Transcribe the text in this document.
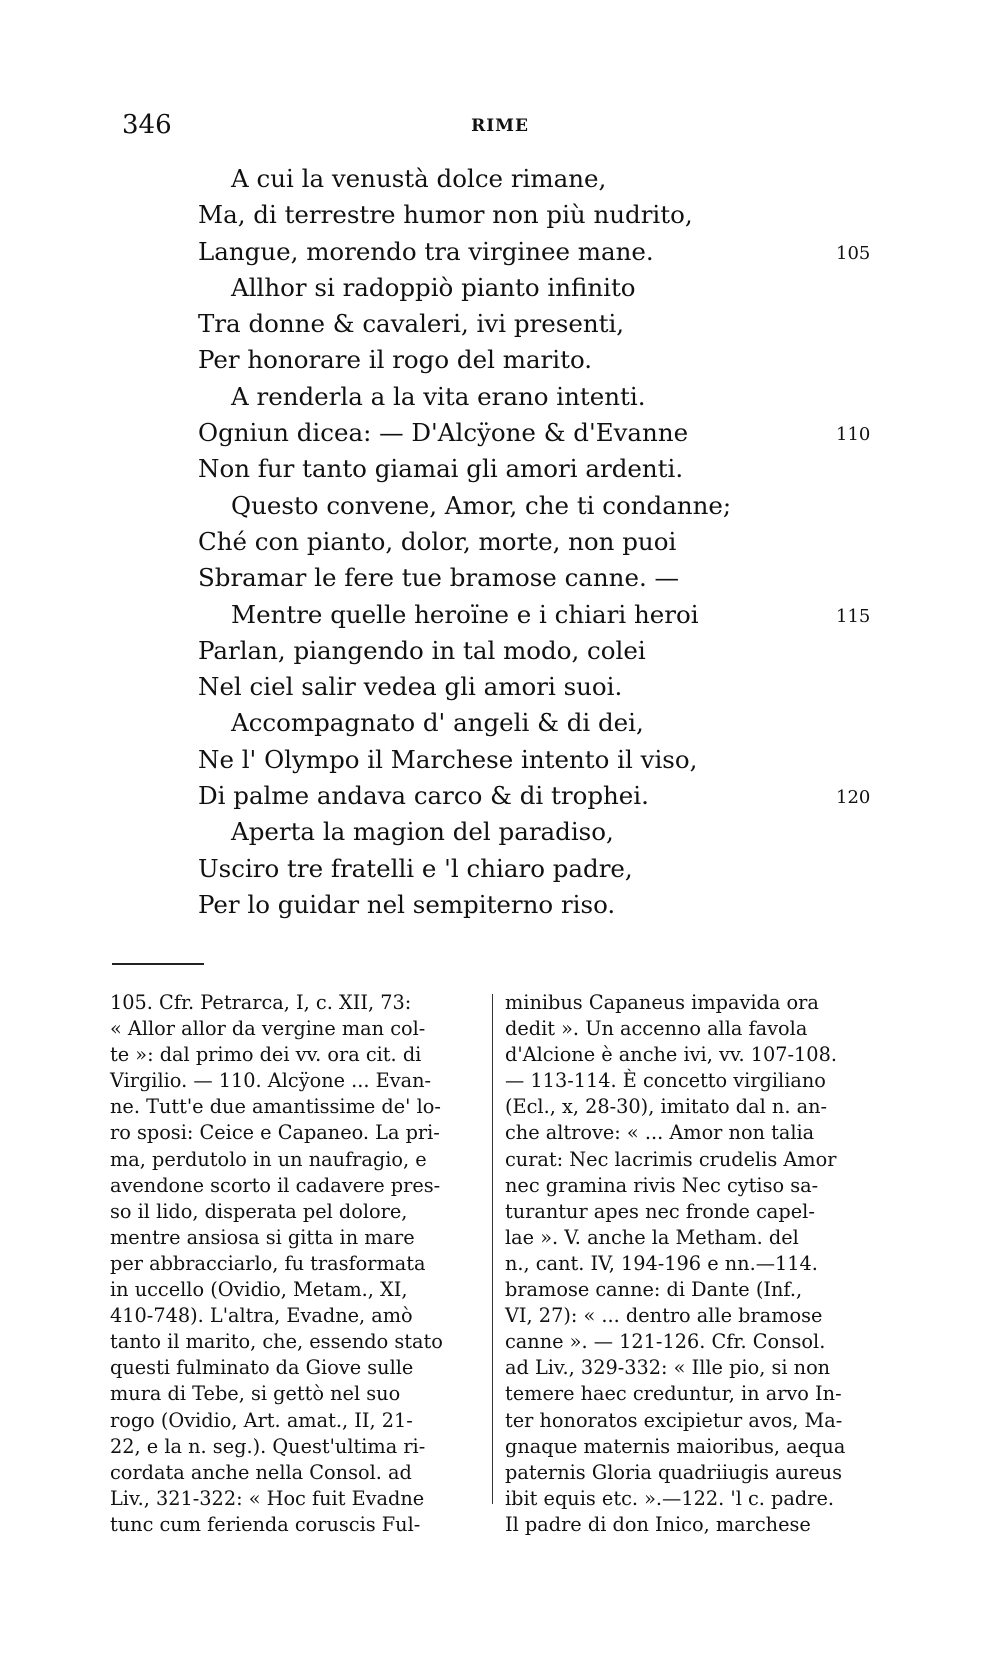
346	RIME
A cui la venustà dolce rimane,
Ma, di terrestre humor non più nudrito,
Langue, morendo tra virginee mane.	105
Allhor si radoppiò pianto infinito
Tra donne & cavaleri, ivi presenti,
Per honorare il rogo del marito.
A renderla a la vita erano intenti.
Ogniun dicea: — D'Alcÿone & d'Evanne	110
Non fur tanto giamai gli amori ardenti.
Questo convene, Amor, che ti condanne;
Ché con pianto, dolor, morte, non puoi
Sbramar le fere tue bramose canne. —
Mentre quelle heroïne e i chiari heroi	115
Parlan, piangendo in tal modo, colei
Nel ciel salir vedea gli amori suoi.
Accompagnato d' angeli & di dei,
Ne l' Olympo il Marchese intento il viso,
Di palme andava carco & di trophei.	120
Aperta la magion del paradiso,
Usciro tre fratelli e 'l chiaro padre,
Per lo guidar nel sempiterno riso.
105. Cfr. Petrarca, I, c. XII, 73:
« Allor allor da vergine man col-
te »: dal primo dei vv. ora cit. di
Virgilio. — 110. Alcÿone ... Evan-
ne. Tutt'e due amantissime de' lo-
ro sposi: Ceice e Capaneo. La pri-
ma, perdutolo in un naufragio, e
avendone scorto il cadavere pres-
so il lido, disperata pel dolore,
mentre ansiosa si gitta in mare
per abbracciarlo, fu trasformata
in uccello (Ovidio, Metam., XI,
410-748). L'altra, Evadne, amò
tanto il marito, che, essendo stato
questi fulminato da Giove sulle
mura di Tebe, si gettò nel suo
rogo (Ovidio, Art. amat., II, 21-
22, e la n. seg.). Quest'ultima ri-
cordata anche nella Consol. ad
Liv., 321-322: « Hoc fuit Evadne
tunc cum ferienda coruscis Ful-
minibus Capaneus impavida ora
dedit ». Un accenno alla favola
d'Alcione è anche ivi, vv. 107-108.
— 113-114. È concetto virgiliano
(Ecl., x, 28-30), imitato dal n. an-
che altrove: « ... Amor non talia
curat: Nec lacrimis crudelis Amor
nec gramina rivis Nec cytiso sa-
turantur apes nec fronde capel-
lae ». V. anche la Metham. del
n., cant. IV, 194-196 e nn.—114.
bramose canne: di Dante (Inf.,
VI, 27): « ... dentro alle bramose
canne ». — 121-126. Cfr. Consol.
ad Liv., 329-332: « Ille pio, si non
temere haec creduntur, in arvo In-
ter honoratos excipietur avos, Ma-
gnaque maternis maioribus, aequa
paternis Gloria quadriiugis aureus
ibit equis etc. ».—122. 'l c. padre.
Il padre di don Inico, marchese
